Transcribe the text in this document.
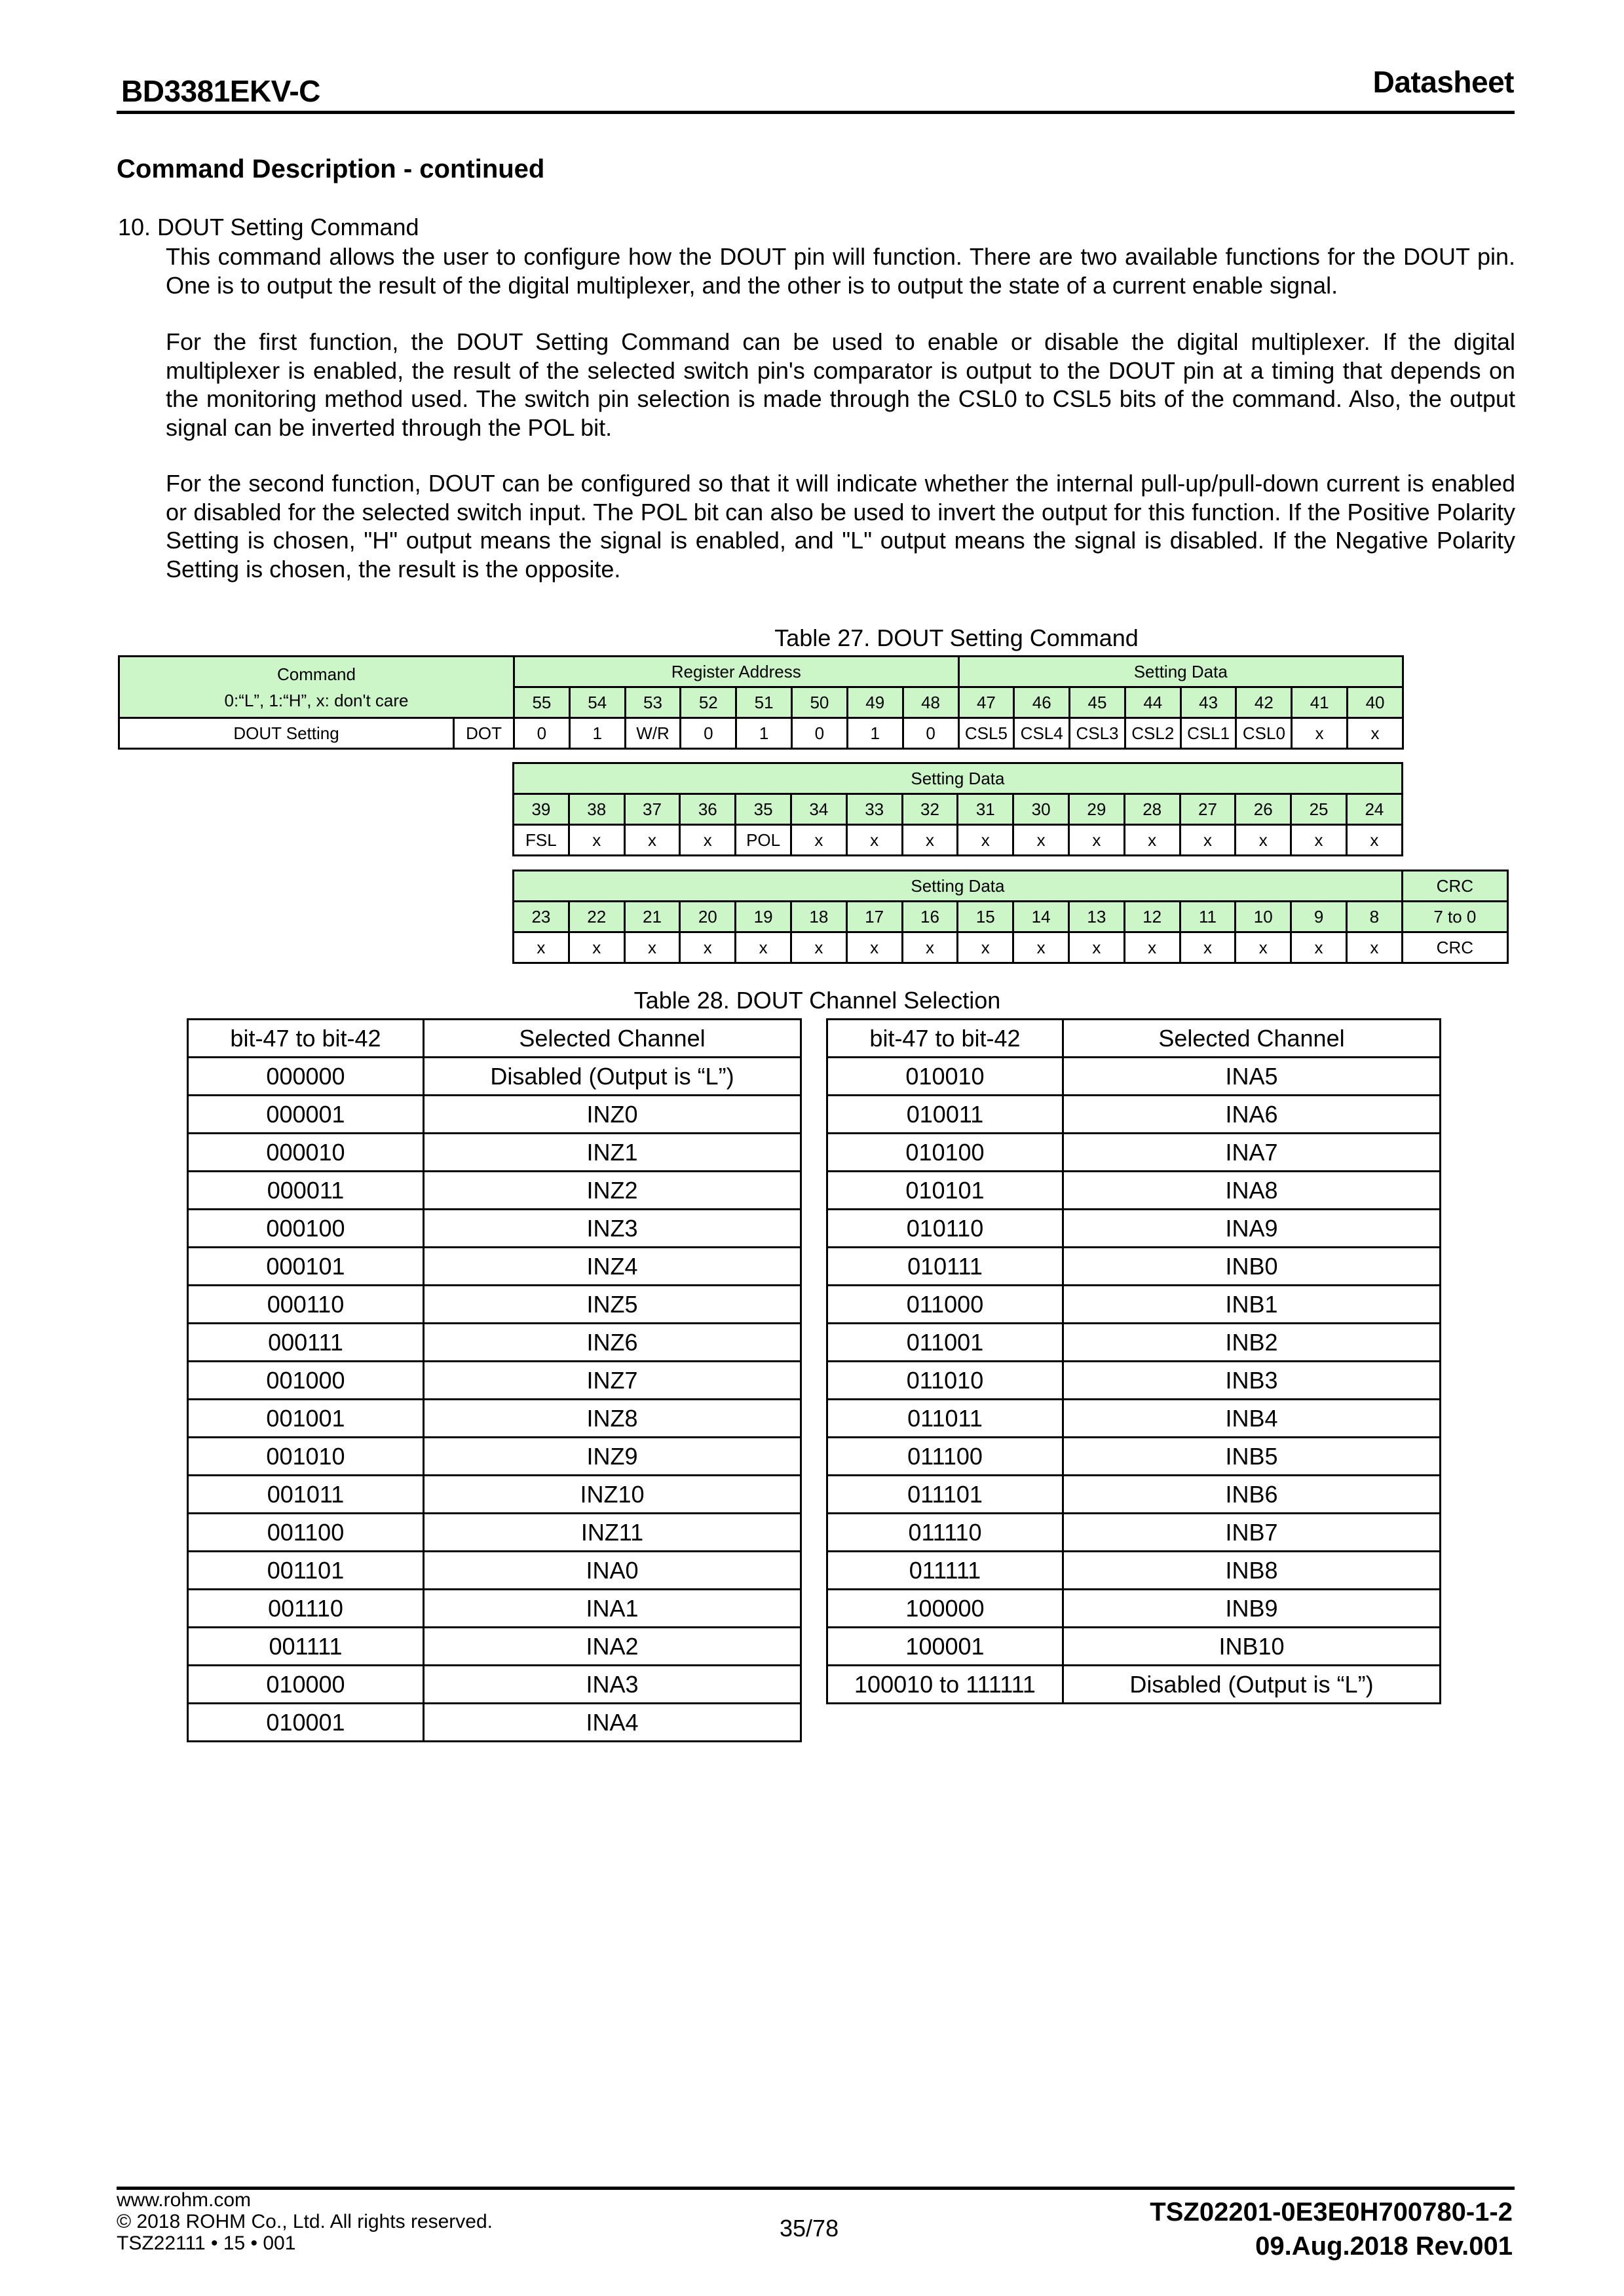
BD3381EKV-C	Datasheet
Command Description - continued
10. DOUT Setting Command
This command allows the user to configure how the DOUT pin will function. There are two available functions for the DOUT pin. One is to output the result of the digital multiplexer, and the other is to output the state of a current enable signal.
For the first function, the DOUT Setting Command can be used to enable or disable the digital multiplexer. If the digital multiplexer is enabled, the result of the selected switch pin's comparator is output to the DOUT pin at a timing that depends on the monitoring method used. The switch pin selection is made through the CSL0 to CSL5 bits of the command. Also, the output signal can be inverted through the POL bit.
For the second function, DOUT can be configured so that it will indicate whether the internal pull-up/pull-down current is enabled or disabled for the selected switch input. The POL bit can also be used to invert the output for this function. If the Positive Polarity Setting is chosen, "H" output means the signal is enabled, and "L" output means the signal is disabled. If the Negative Polarity Setting is chosen, the result is the opposite.
Table 27. DOUT Setting Command
Command
0:“L”, 1:“H”, x: don't care		Register Address								Setting Data							
		55	54	53	52	51	50	49	48	47	46	45	44	43	42	41	40
DOUT Setting	DOT	0	1	W/R	0	1	0	1	0	CSL5	CSL4	CSL3	CSL2	CSL1	CSL0	x	x
Setting Data															
39	38	37	36	35	34	33	32	31	30	29	28	27	26	25	24
FSL	x	x	x	POL	x	x	x	x	x	x	x	x	x	x	x
Setting Data																CRC
23	22	21	20	19	18	17	16	15	14	13	12	11	10	9	8	7 to 0
x	x	x	x	x	x	x	x	x	x	x	x	x	x	x	x	CRC
Table 28. DOUT Channel Selection
bit-47 to bit-42	Selected Channel
000000	Disabled (Output is “L”)
000001	INZ0
000010	INZ1
000011	INZ2
000100	INZ3
000101	INZ4
000110	INZ5
000111	INZ6
001000	INZ7
001001	INZ8
001010	INZ9
001011	INZ10
001100	INZ11
001101	INA0
001110	INA1
001111	INA2
010000	INA3
010001	INA4
bit-47 to bit-42	Selected Channel
010010	INA5
010011	INA6
010100	INA7
010101	INA8
010110	INA9
010111	INB0
011000	INB1
011001	INB2
011010	INB3
011011	INB4
011100	INB5
011101	INB6
011110	INB7
011111	INB8
100000	INB9
100001	INB10
100010 to 111111	Disabled (Output is “L”)
www.rohm.com
© 2018 ROHM Co., Ltd. All rights reserved.
TSZ22111 • 15 • 001
35/78
TSZ02201-0E3E0H700780-1-2
09.Aug.2018 Rev.001
